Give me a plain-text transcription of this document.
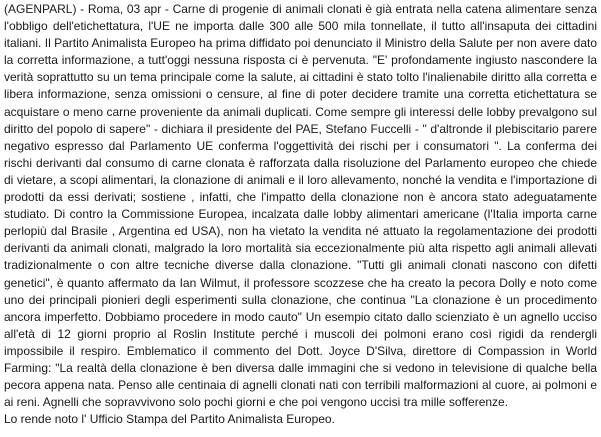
(AGENPARL) - Roma, 03 apr - Carne di progenie di animali clonati è già entrata nella catena alimentare senza l'obbligo dell'etichettatura, l'UE ne importa dalle 300 alle 500 mila tonnellate, il tutto all'insaputa dei cittadini italiani. Il Partito Animalista Europeo ha prima diffidato poi denunciato il Ministro della Salute per non avere dato la corretta informazione, a tutt'oggi nessuna risposta ci è pervenuta. "E' profondamente ingiusto nascondere la verità soprattutto su un tema principale come la salute, ai cittadini è stato tolto l'inalienabile diritto alla corretta e libera informazione, senza omissioni o censure, al fine di poter decidere tramite una corretta etichettatura se acquistare o meno carne proveniente da animali duplicati. Come sempre gli interessi delle lobby prevalgono sul diritto del popolo di sapere" - dichiara il presidente del PAE, Stefano Fuccelli - " d'altronde il plebiscitario parere negativo espresso dal Parlamento UE conferma l'oggettività dei rischi per i consumatori ". La conferma dei rischi derivanti dal consumo di carne clonata è rafforzata dalla risoluzione del Parlamento europeo che chiede di vietare, a scopi alimentari, la clonazione di animali e il loro allevamento, nonché la vendita e l'importazione di prodotti da essi derivati; sostiene , infatti, che l'impatto della clonazione non è ancora stato adeguatamente studiato. Di contro la Commissione Europea, incalzata dalle lobby alimentari americane (l'Italia importa carne perlopiù dal Brasile , Argentina ed USA), non ha vietato la vendita né attuato la regolamentazione dei prodotti derivanti da animali clonati, malgrado la loro mortalità sia eccezionalmente più alta rispetto agli animali allevati tradizionalmente o con altre tecniche diverse dalla clonazione. "Tutti gli animali clonati nascono con difetti genetici", è quanto affermato da Ian Wilmut, il professore scozzese che ha creato la pecora Dolly e noto come uno dei principali pionieri degli esperimenti sulla clonazione, che continua "La clonazione è un procedimento ancora imperfetto. Dobbiamo procedere in modo cauto" Un esempio citato dallo scienziato è un agnello ucciso all'età di 12 giorni proprio al Roslin Institute perché i muscoli dei polmoni erano così rigidi da rendergli impossibile il respiro. Emblematico il commento del Dott. Joyce D'Silva, direttore di Compassion in World Farming: "La realtà della clonazione è ben diversa dalle immagini che si vedono in televisione di qualche bella pecora appena nata. Penso alle centinaia di agnelli clonati nati con terribili malformazioni al cuore, ai polmoni e ai reni. Agnelli che sopravvivono solo pochi giorni e che poi vengono uccisi tra mille sofferenze.

Lo rende noto l' Ufficio Stampa del Partito Animalista Europeo.
